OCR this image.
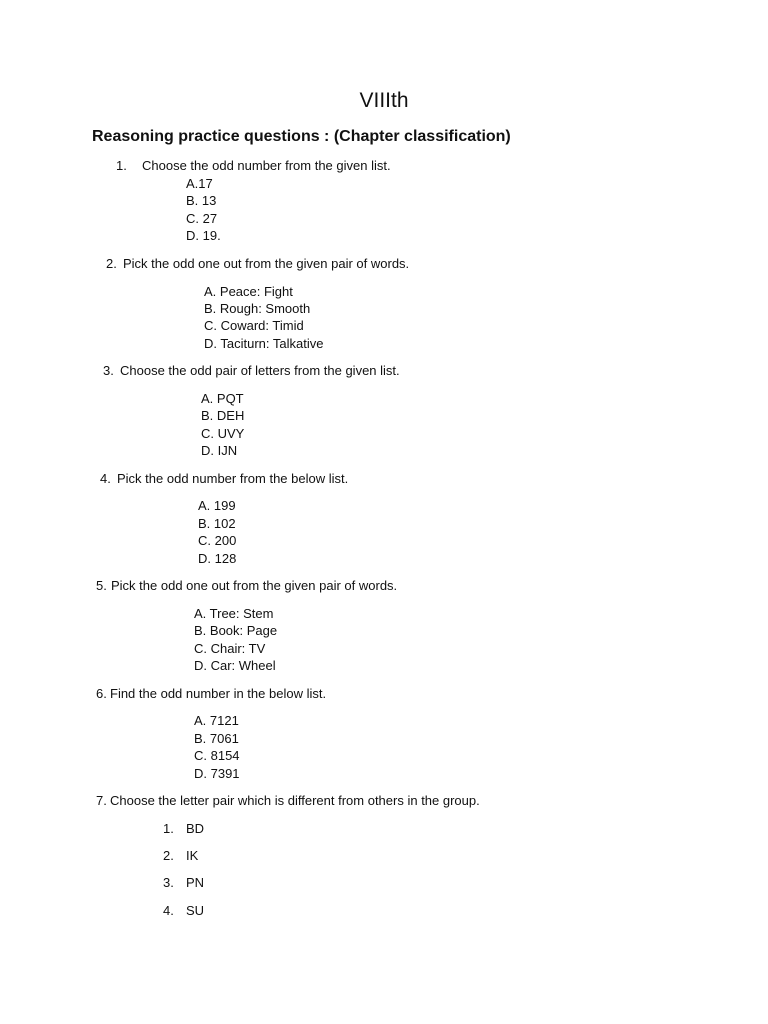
VIIIth
Reasoning practice questions : (Chapter classification)
1. Choose the odd number from the given list.
A.17
B. 13
C. 27
D. 19.
2. Pick the odd one out from the given pair of words.
A. Peace: Fight
B. Rough: Smooth
C. Coward: Timid
D. Taciturn: Talkative
3. Choose the odd pair of letters from the given list.
A. PQT
B. DEH
C. UVY
D. IJN
4. Pick the odd number from the below list.
A. 199
B. 102
C. 200
D. 128
5. Pick the odd one out from the given pair of words.
A. Tree: Stem
B. Book: Page
C. Chair: TV
D. Car: Wheel
6. Find the odd number in the below list.
A. 7121
B. 7061
C. 8154
D. 7391
7. Choose the letter pair which is different from others in the group.
1. BD
2. IK
3. PN
4. SU
